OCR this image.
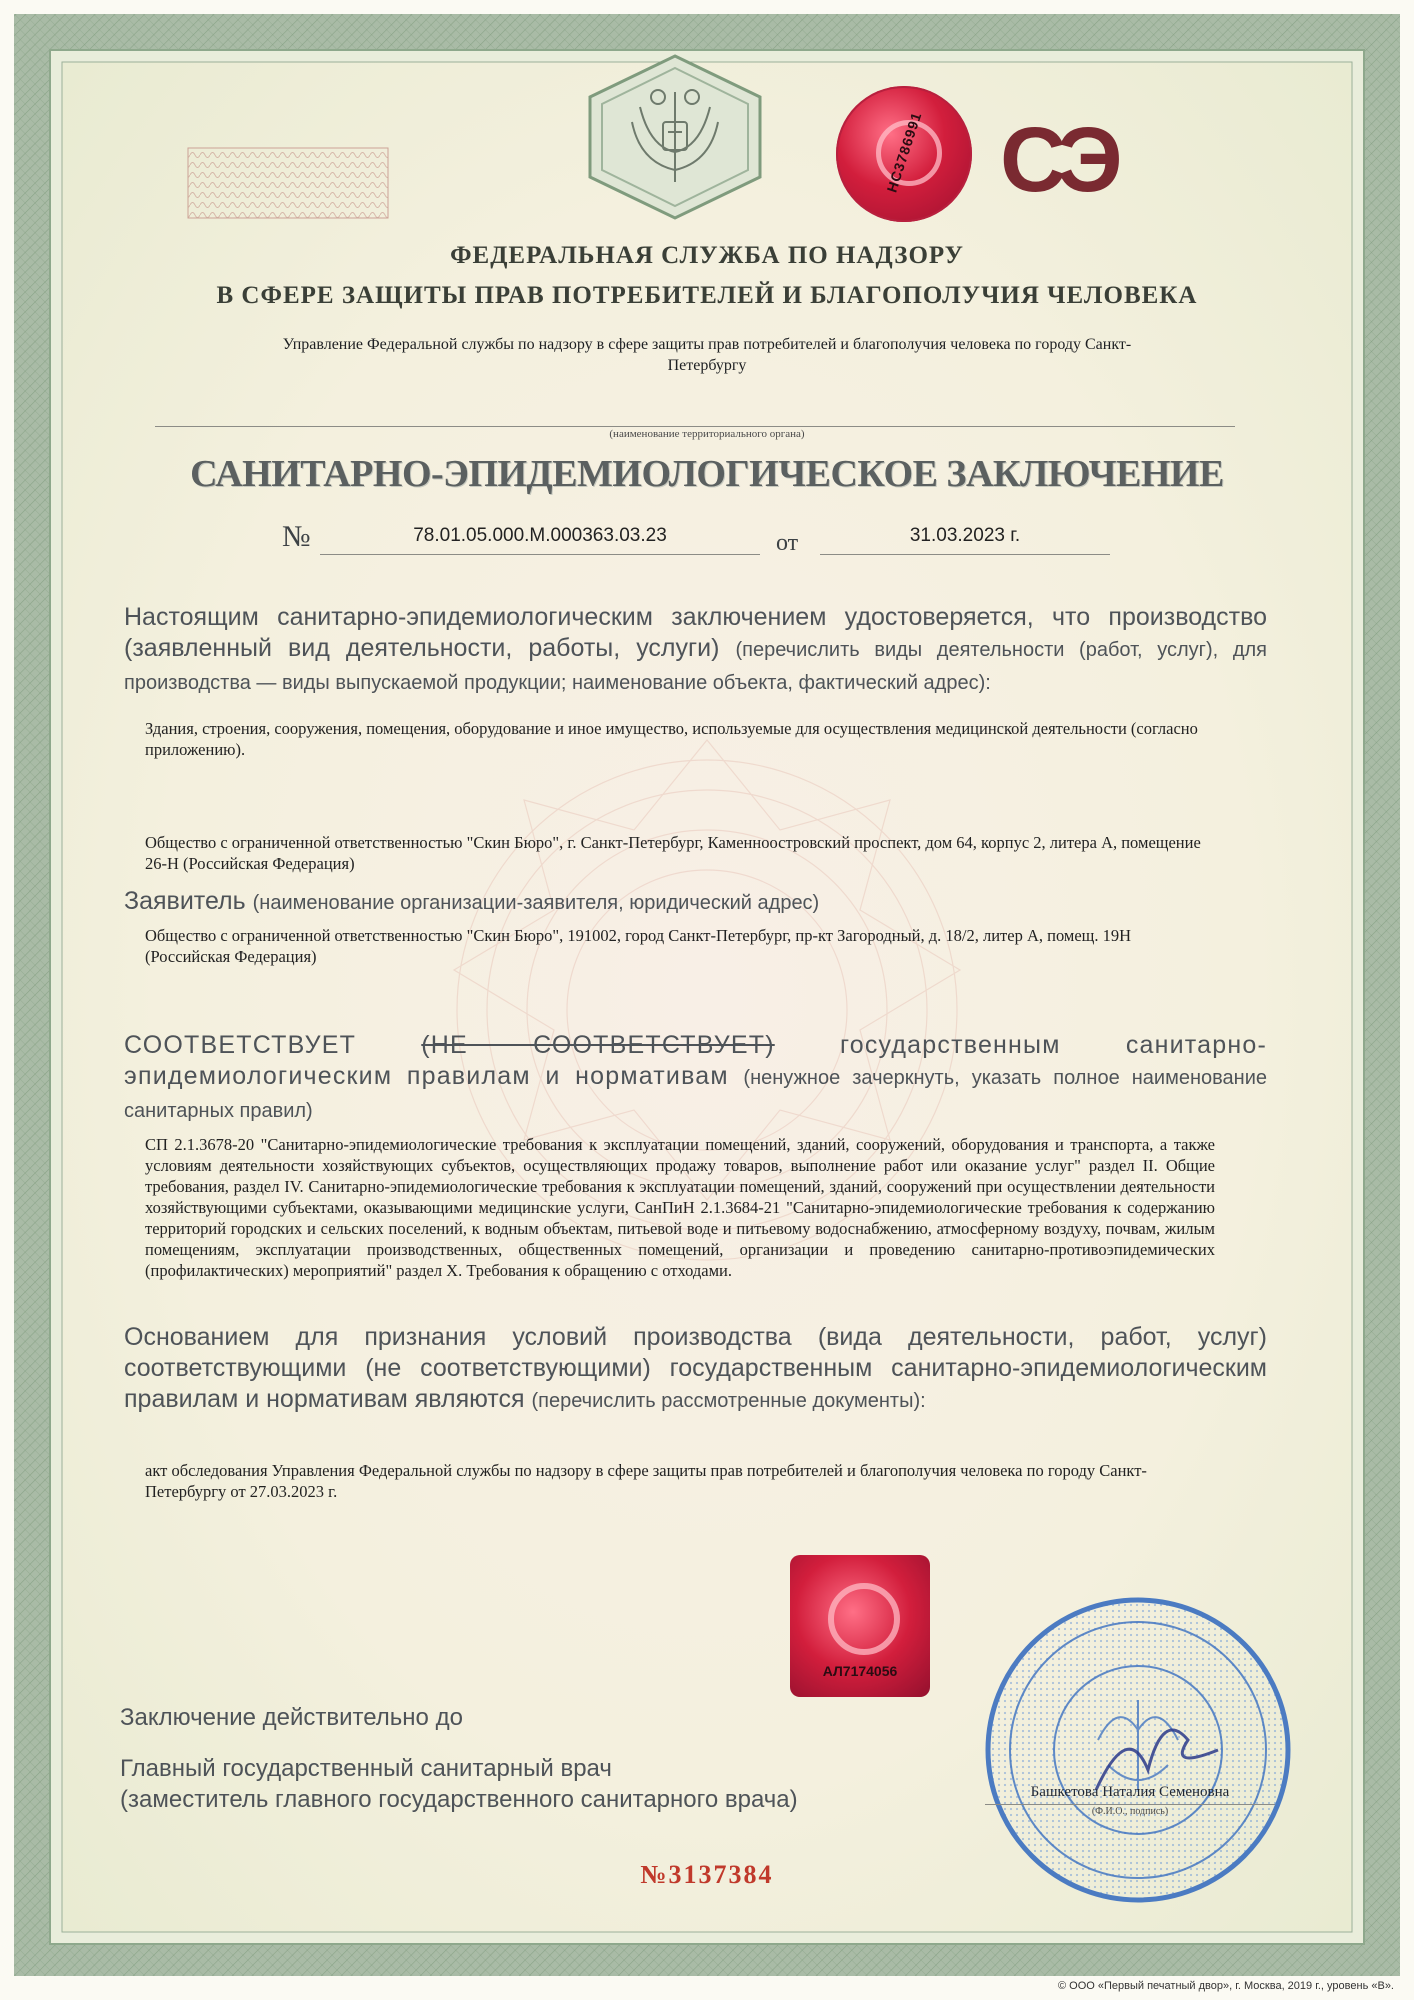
НС3786991 СЭ
ФЕДЕРАЛЬНАЯ СЛУЖБА ПО НАДЗОРУ
В СФЕРЕ ЗАЩИТЫ ПРАВ ПОТРЕБИТЕЛЕЙ И БЛАГОПОЛУЧИЯ ЧЕЛОВЕКА
Управление Федеральной службы по надзору в сфере защиты прав потребителей и благополучия человека по городу Санкт-
Петербургу
(наименование территориального органа)
САНИТАРНО-ЭПИДЕМИОЛОГИЧЕСКОЕ ЗАКЛЮЧЕНИЕ
№	78.01.05.000.М.000363.03.23	от	31.03.2023 г.
Настоящим санитарно-эпидемиологическим заключением удостоверяется, что производство (заявленный вид деятельности, работы, услуги) (перечислить виды деятельности (работ, услуг), для производства — виды выпускаемой продукции; наименование объекта, фактический адрес):
Здания, строения, сооружения, помещения, оборудование и иное имущество, используемые для осуществления медицинской деятельности (согласно приложению).
Общество с ограниченной ответственностью "Скин Бюро", г. Санкт-Петербург, Каменноостровский проспект, дом 64, корпус 2, литера А, помещение 26-Н (Российская Федерация)
Заявитель (наименование организации-заявителя, юридический адрес)
Общество с ограниченной ответственностью "Скин Бюро", 191002, город Санкт-Петербург, пр-кт Загородный, д. 18/2, литер А, помещ. 19Н (Российская Федерация)
СООТВЕТСТВУЕТ	(НЕ СООТВЕТСТВУЕТ)	государственным санитарно-эпидемиологическим правилам и нормативам (ненужное зачеркнуть, указать полное наименование санитарных правил)
СП 2.1.3678-20 "Санитарно-эпидемиологические требования к эксплуатации помещений, зданий, сооружений, оборудования и транспорта, а также условиям деятельности хозяйствующих субъектов, осуществляющих продажу товаров, выполнение работ или оказание услуг" раздел II. Общие требования, раздел IV. Санитарно-эпидемиологические требования к эксплуатации помещений, зданий, сооружений при осуществлении деятельности хозяйствующими субъектами, оказывающими медицинские услуги, СанПиН 2.1.3684-21 "Санитарно-эпидемиологические требования к содержанию территорий городских и сельских поселений, к водным объектам, питьевой воде и питьевому водоснабжению, атмосферному воздуху, почвам, жилым помещениям, эксплуатации производственных, общественных помещений, организации и проведению санитарно-противоэпидемических (профилактических) мероприятий" раздел X. Требования к обращению с отходами.
Основанием для признания условий производства (вида деятельности, работ, услуг) соответствующими (не соответствующими) государственным санитарно-эпидемиологическим правилам и нормативам являются (перечислить рассмотренные документы):
акт обследования Управления Федеральной службы по надзору в сфере защиты прав потребителей и благополучия человека по городу Санкт-Петербургу от 27.03.2023 г.
АЛ7174056
Заключение действительно до
Главный государственный санитарный врач
(заместитель главного государственного санитарного врача)	Башкетова Наталия Семеновна
(Ф.И.О., подпись)
№3137384
© ООО «Первый печатный двор», г. Москва, 2019 г., уровень «В».
